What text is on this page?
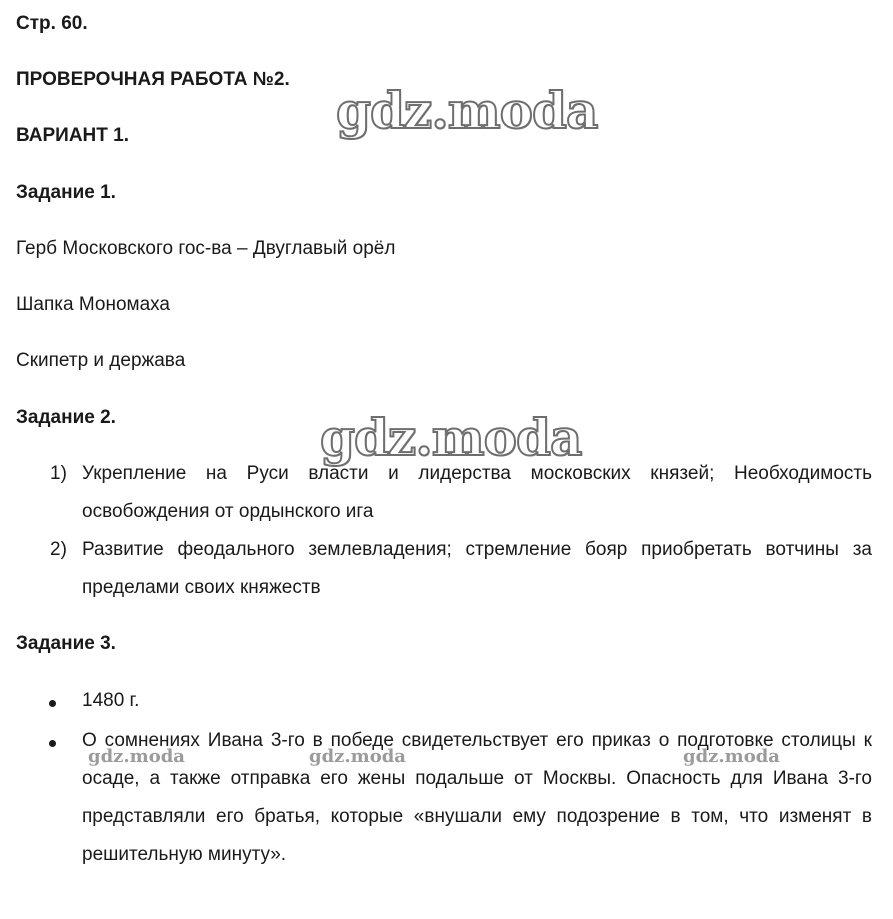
Стр. 60.
ПРОВЕРОЧНАЯ РАБОТА №2.
ВАРИАНТ 1.
Задание 1.
Герб Московского гос-ва – Двуглавый орёл
Шапка Мономаха
Скипетр и держава
Задание 2.
1) Укрепление на Руси власти и лидерства московских князей; Необходимость освобождения от ордынского ига
2) Развитие феодального землевладения; стремление бояр приобретать вотчины за пределами своих княжеств
Задание 3.
1480 г.
О сомнениях Ивана 3-го в победе свидетельствует его приказ о подготовке столицы к осаде, а также отправка его жены подальше от Москвы. Опасность для Ивана 3-го представляли его братья, которые «внушали ему подозрение в том, что изменят в решительную минуту».
gdz.moda
gdz.moda
gdz.moda	gdz.moda	gdz.moda
